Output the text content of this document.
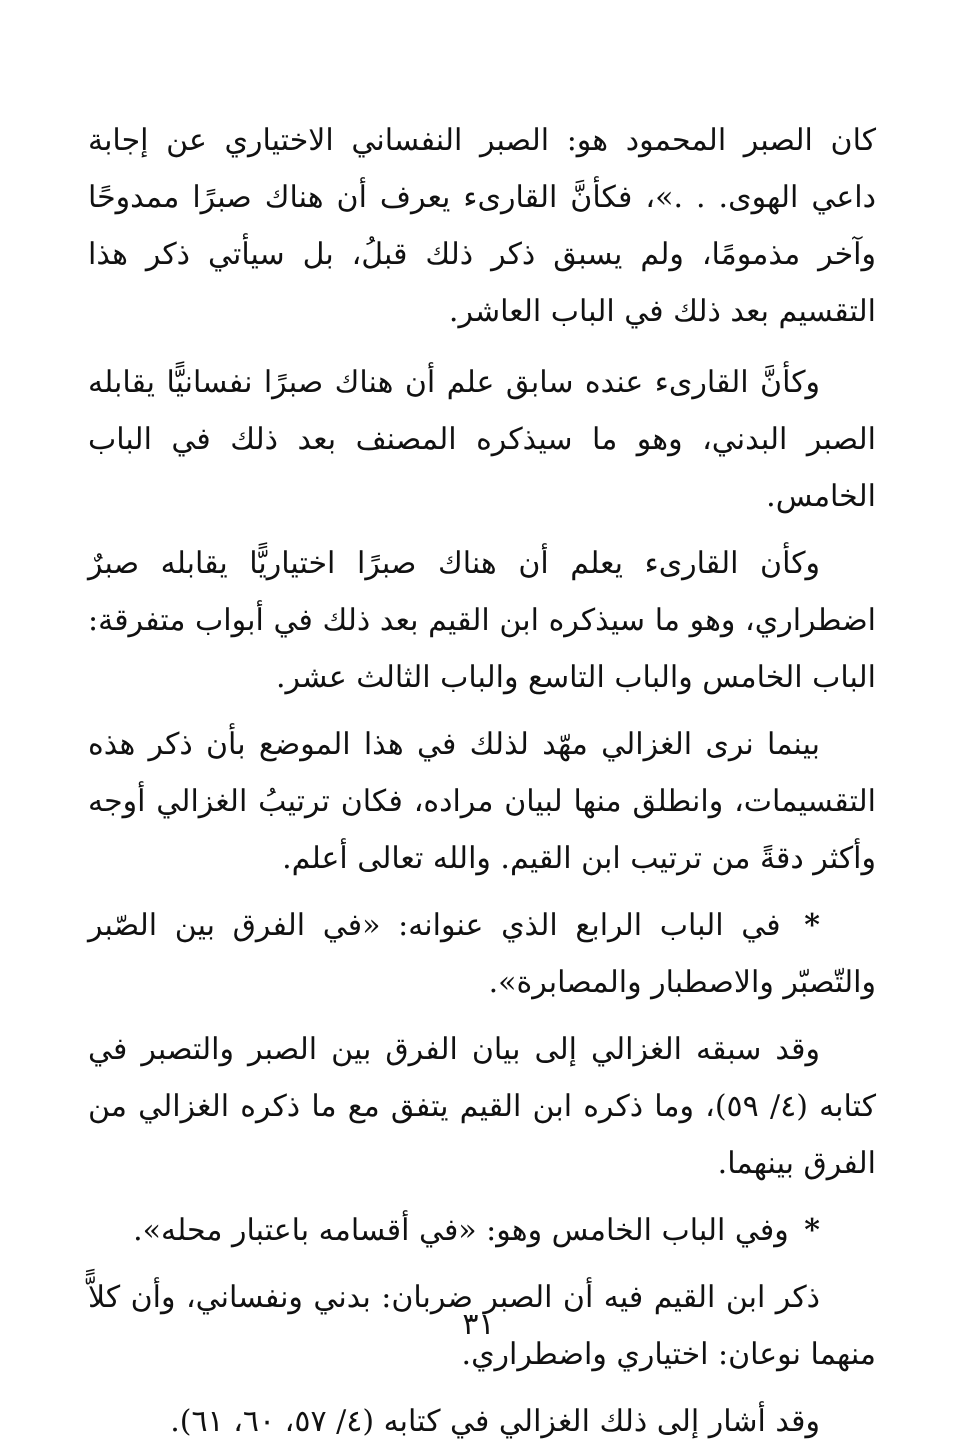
كان الصبر المحمود هو: الصبر النفساني الاختياري عن إجابة داعي الهوى. . .»، فكأنَّ القارىء يعرف أن هناك صبرًا ممدوحًا وآخر مذمومًا، ولم يسبق ذكر ذلك قبلُ، بل سيأتي ذكر هذا التقسيم بعد ذلك في الباب العاشر.

وكأنَّ القارىء عنده سابق علم أن هناك صبرًا نفسانيًّا يقابله الصبر البدني، وهو ما سيذكره المصنف بعد ذلك في الباب الخامس.

وكأن القارىء يعلم أن هناك صبرًا اختياريًّا يقابله صبرٌ اضطراري، وهو ما سيذكره ابن القيم بعد ذلك في أبواب متفرقة: الباب الخامس والباب التاسع والباب الثالث عشر.

بينما نرى الغزالي مهّد لذلك في هذا الموضع بأن ذكر هذه التقسيمات، وانطلق منها لبيان مراده، فكان ترتيبُ الغزالي أوجه وأكثر دقةً من ترتيب ابن القيم. والله تعالى أعلم.

* في الباب الرابع الذي عنوانه: «في الفرق بين الصّبر والتّصبّر والاصطبار والمصابرة».

وقد سبقه الغزالي إلى بيان الفرق بين الصبر والتصبر في كتابه (٤/ ٥٩)، وما ذكره ابن القيم يتفق مع ما ذكره الغزالي من الفرق بينهما.

* وفي الباب الخامس وهو: «في أقسامه باعتبار محله».

ذكر ابن القيم فيه أن الصبر ضربان: بدني ونفساني، وأن كلاًّ منهما نوعان: اختياري واضطراري.

وقد أشار إلى ذلك الغزالي في كتابه (٤/ ٥٧، ٦٠، ٦١).

٣١
